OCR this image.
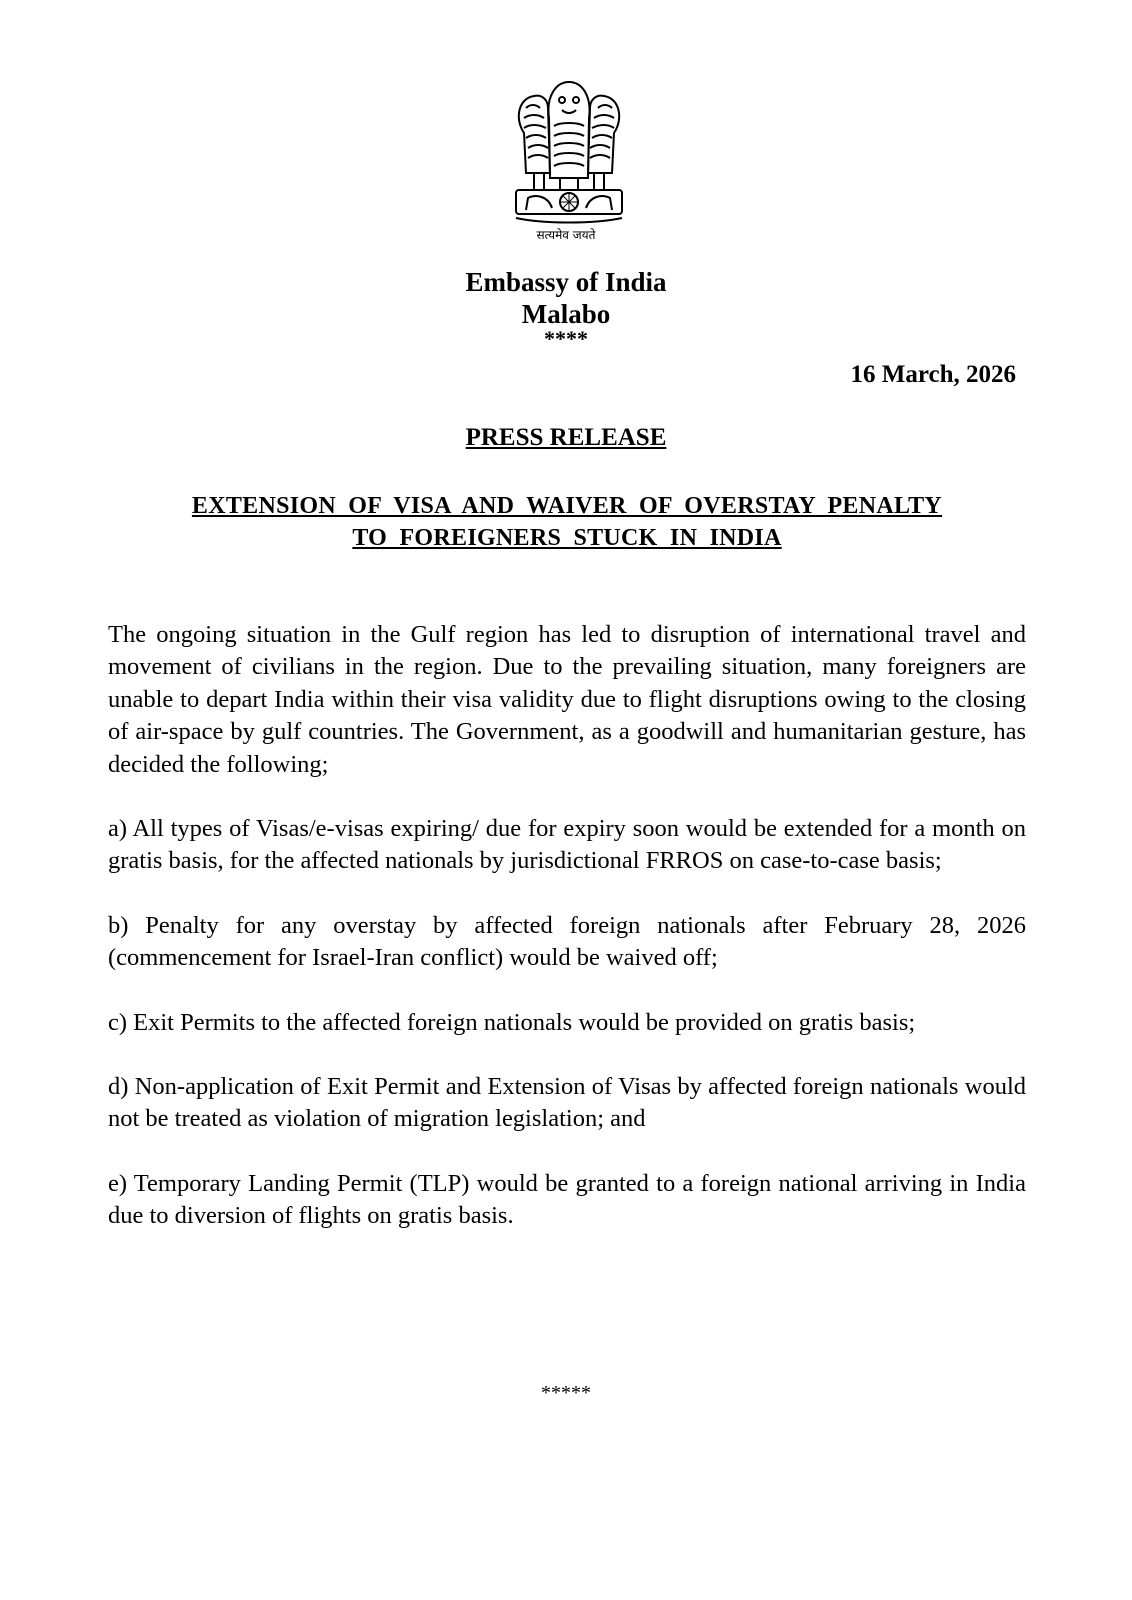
सत्यमेव जयते
Embassy of India
Malabo
****
16 March, 2026
PRESS RELEASE
EXTENSION OF VISA AND WAIVER OF OVERSTAY PENALTY
TO FOREIGNERS STUCK IN INDIA

The ongoing situation in the Gulf region has led to disruption of international travel and movement of civilians in the region. Due to the prevailing situation, many foreigners are unable to depart India within their visa validity due to flight disruptions owing to the closing of air-space by gulf countries. The Government, as a goodwill and humanitarian gesture, has decided the following;

a) All types of Visas/e-visas expiring/ due for expiry soon would be extended for a month on gratis basis, for the affected nationals by jurisdictional FRROS on case-to-case basis;

b) Penalty for any overstay by affected foreign nationals after February 28, 2026 (commencement for Israel-Iran conflict) would be waived off;

c) Exit Permits to the affected foreign nationals would be provided on gratis basis;

d) Non-application of Exit Permit and Extension of Visas by affected foreign nationals would not be treated as violation of migration legislation; and

e) Temporary Landing Permit (TLP) would be granted to a foreign national arriving in India due to diversion of flights on gratis basis.

*****
